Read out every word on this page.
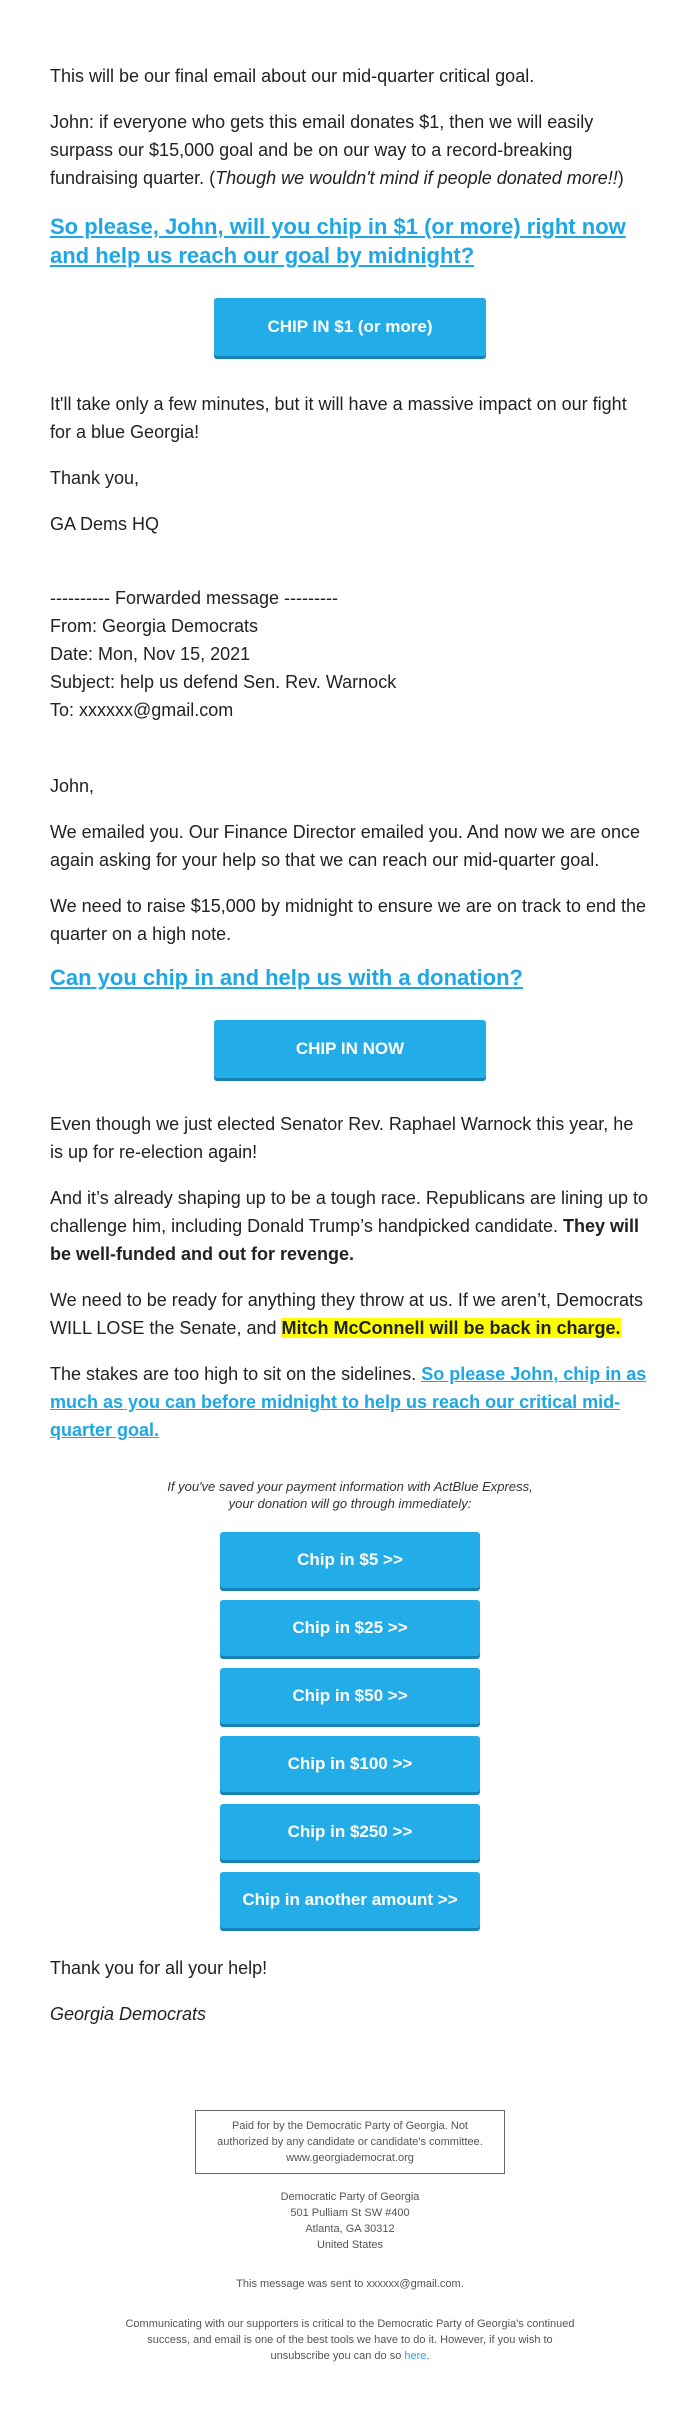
This will be our final email about our mid-quarter critical goal.

John: if everyone who gets this email donates $1, then we will easily surpass our $15,000 goal and be on our way to a record-breaking fundraising quarter. (Though we wouldn't mind if people donated more!!)

So please, John, will you chip in $1 (or more) right now and help us reach our goal by midnight?
CHIP IN $1 (or more)

It'll take only a few minutes, but it will have a massive impact on our fight for a blue Georgia!

Thank you,

GA Dems HQ

---------- Forwarded message ---------

From: Georgia Democrats

Date: Mon, Nov 15, 2021

Subject: help us defend Sen. Rev. Warnock

To: xxxxxx@gmail.com

John,

We emailed you. Our Finance Director emailed you. And now we are once again asking for your help so that we can reach our mid-quarter goal.

We need to raise $15,000 by midnight to ensure we are on track to end the quarter on a high note.

Can you chip in and help us with a donation?
CHIP IN NOW

Even though we just elected Senator Rev. Raphael Warnock this year, he is up for re-election again!

And it’s already shaping up to be a tough race. Republicans are lining up to challenge him, including Donald Trump’s handpicked candidate. They will be well-funded and out for revenge.

We need to be ready for anything they throw at us. If we aren’t, Democrats WILL LOSE the Senate, and Mitch McConnell will be back in charge.

The stakes are too high to sit on the sidelines. So please John, chip in as much as you can before midnight to help us reach our critical mid-quarter goal.

If you've saved your payment information with ActBlue Express,

your donation will go through immediately:

Chip in $5 >>
Chip in $25 >>
Chip in $50 >>
Chip in $100 >>
Chip in $250 >>
Chip in another amount >>

Thank you for all your help!

Georgia Democrats

Paid for by the Democratic Party of Georgia. Not
authorized by any candidate or candidate's committee.
www.georgiademocrat.org
Democratic Party of Georgia
501 Pulliam St SW #400
Atlanta, GA 30312
United States

This message was sent to xxxxxx@gmail.com.

Communicating with our supporters is critical to the Democratic Party of Georgia's continued
success, and email is one of the best tools we have to do it. However, if you wish to
unsubscribe you can do so here.
